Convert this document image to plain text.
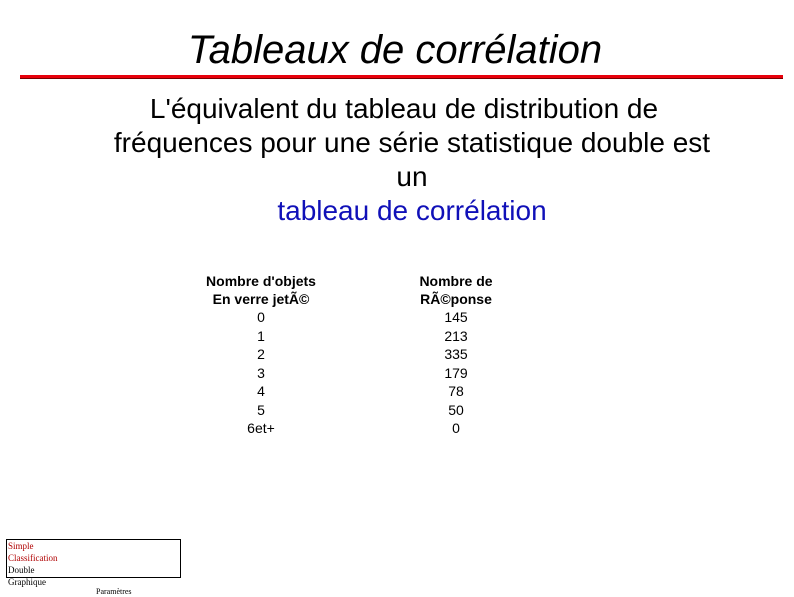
Tableaux de corrélation

L'équivalent du tableau de distribution de
fréquences pour une série statistique double est
un
tableau de corrélation

Nombre d'objets
En verre jetÃ©
0
1
2
3
4
5
6et+
Nombre de
RÃ©ponse
145
213
335
179
78
50
0
Simple
Classification
Double
Graphique
Paramètres
